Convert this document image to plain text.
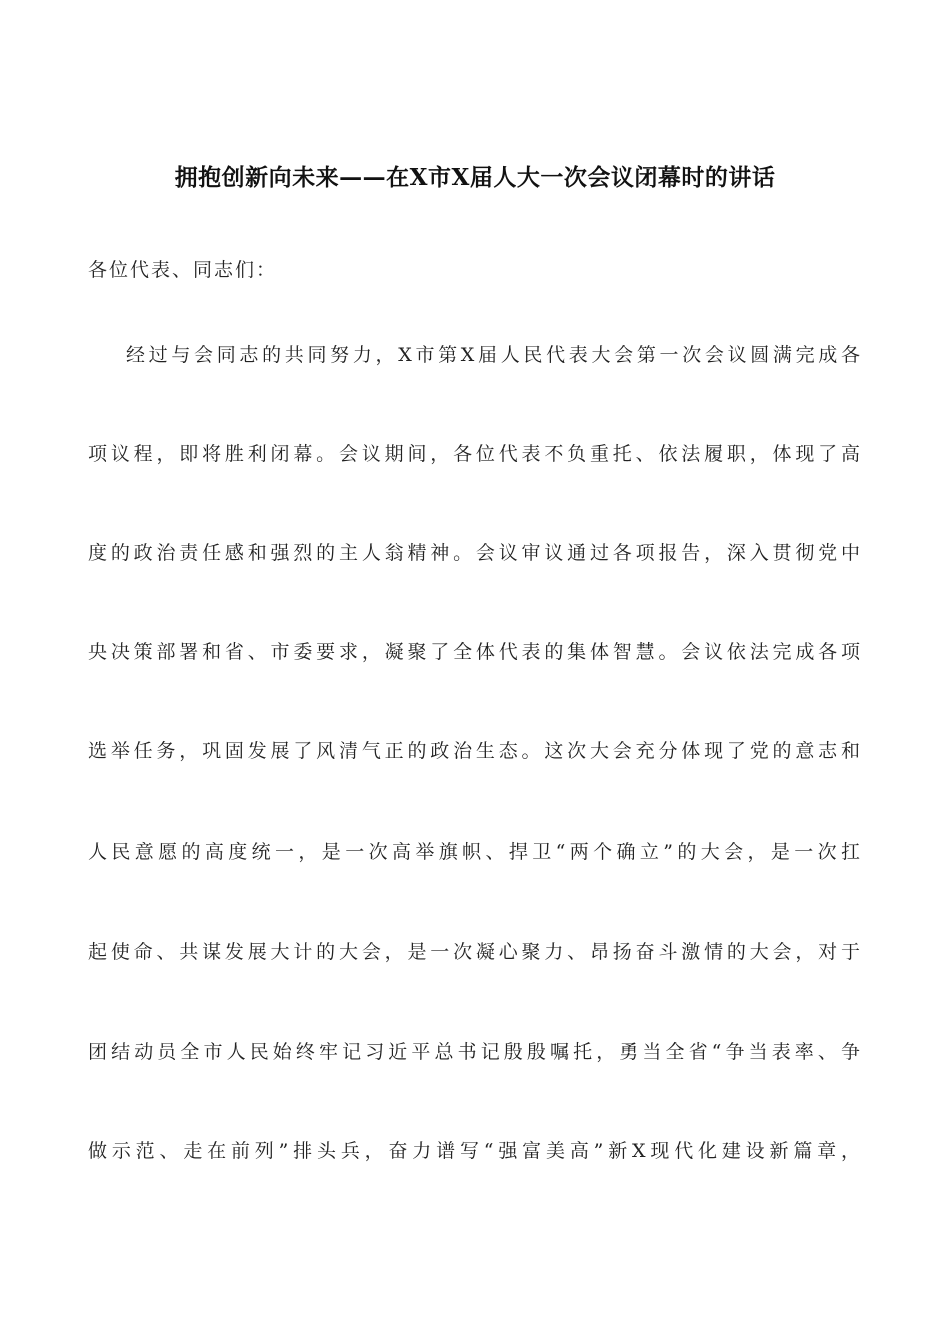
拥抱创新向未来——在X市X届人大一次会议闭幕时的讲话
各位代表、同志们：
经过与会同志的共同努力，X市第X届人民代表大会第一次会议圆满完成各
项议程，即将胜利闭幕。会议期间，各位代表不负重托、依法履职，体现了高
度的政治责任感和强烈的主人翁精神。会议审议通过各项报告，深入贯彻党中
央决策部署和省、市委要求，凝聚了全体代表的集体智慧。会议依法完成各项
选举任务，巩固发展了风清气正的政治生态。这次大会充分体现了党的意志和
人民意愿的高度统一，是一次高举旗帜、捍卫“两个确立”的大会，是一次扛
起使命、共谋发展大计的大会，是一次凝心聚力、昂扬奋斗激情的大会，对于
团结动员全市人民始终牢记习近平总书记殷殷嘱托，勇当全省“争当表率、争
做示范、走在前列”排头兵，奋力谱写“强富美高”新X现代化建设新篇章，
